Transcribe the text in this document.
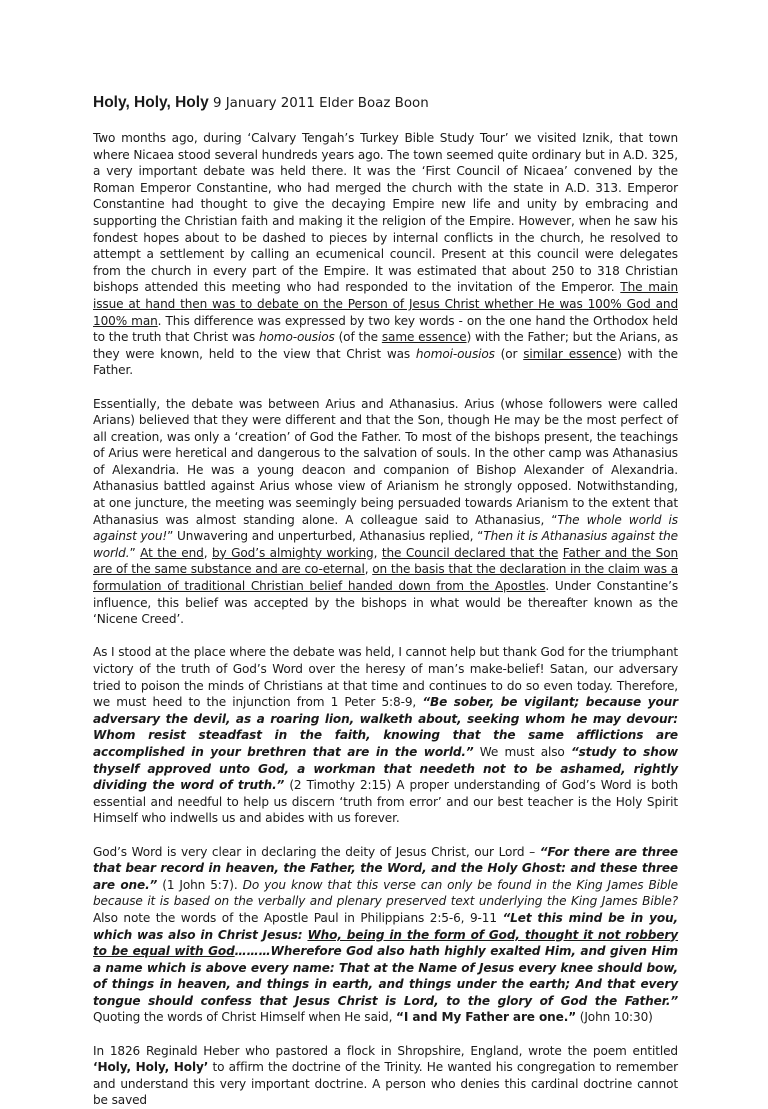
Holy, Holy, Holy 9 January 2011 Elder Boaz Boon

Two months ago, during ‘Calvary Tengah’s Turkey Bible Study Tour’ we visited Iznik, that town where Nicaea stood several hundreds years ago. The town seemed quite ordinary but in A.D. 325, a very important debate was held there. It was the ‘First Council of Nicaea’ convened by the Roman Emperor Constantine, who had merged the church with the state in A.D. 313. Emperor Constantine had thought to give the decaying Empire new life and unity by embracing and supporting the Christian faith and making it the religion of the Empire. However, when he saw his fondest hopes about to be dashed to pieces by internal conflicts in the church, he resolved to attempt a settlement by calling an ecumenical council. Present at this council were delegates from the church in every part of the Empire. It was estimated that about 250 to 318 Christian bishops attended this meeting who had responded to the invitation of the Emperor. The main issue at hand then was to debate on the Person of Jesus Christ whether He was 100% God and 100% man. This difference was expressed by two key words - on the one hand the Orthodox held to the truth that Christ was homo-ousios (of the same essence) with the Father; but the Arians, as they were known, held to the view that Christ was homoi-ousios (or similar essence) with the Father.

Essentially, the debate was between Arius and Athanasius. Arius (whose followers were called Arians) believed that they were different and that the Son, though He may be the most perfect of all creation, was only a ‘creation’ of God the Father. To most of the bishops present, the teachings of Arius were heretical and dangerous to the salvation of souls. In the other camp was Athanasius of Alexandria. He was a young deacon and companion of Bishop Alexander of Alexandria. Athanasius battled against Arius whose view of Arianism he strongly opposed. Notwithstanding, at one juncture, the meeting was seemingly being persuaded towards Arianism to the extent that Athanasius was almost standing alone. A colleague said to Athanasius, “The whole world is against you!” Unwavering and unperturbed, Athanasius replied, “Then it is Athanasius against the world.” At the end, by God’s almighty working, the Council declared that the Father and the Son are of the same substance and are co-eternal, on the basis that the declaration in the claim was a formulation of traditional Christian belief handed down from the Apostles. Under Constantine’s influence, this belief was accepted by the bishops in what would be thereafter known as the ‘Nicene Creed’.

As I stood at the place where the debate was held, I cannot help but thank God for the triumphant victory of the truth of God’s Word over the heresy of man’s make-belief! Satan, our adversary tried to poison the minds of Christians at that time and continues to do so even today. Therefore, we must heed to the injunction from 1 Peter 5:8-9, “Be sober, be vigilant; because your adversary the devil, as a roaring lion, walketh about, seeking whom he may devour: Whom resist steadfast in the faith, knowing that the same afflictions are accomplished in your brethren that are in the world.” We must also “study to show thyself approved unto God, a workman that needeth not to be ashamed, rightly dividing the word of truth.” (2 Timothy 2:15) A proper understanding of God’s Word is both essential and needful to help us discern ‘truth from error’ and our best teacher is the Holy Spirit Himself who indwells us and abides with us forever.

God’s Word is very clear in declaring the deity of Jesus Christ, our Lord – “For there are three that bear record in heaven, the Father, the Word, and the Holy Ghost: and these three are one.” (1 John 5:7). Do you know that this verse can only be found in the King James Bible because it is based on the verbally and plenary preserved text underlying the King James Bible? Also note the words of the Apostle Paul in Philippians 2:5-6, 9-11 “Let this mind be in you, which was also in Christ Jesus: Who, being in the form of God, thought it not robbery to be equal with God………Wherefore God also hath highly exalted Him, and given Him a name which is above every name: That at the Name of Jesus every knee should bow, of things in heaven, and things in earth, and things under the earth; And that every tongue should confess that Jesus Christ is Lord, to the glory of God the Father.” Quoting the words of Christ Himself when He said, “I and My Father are one.” (John 10:30)

In 1826 Reginald Heber who pastored a flock in Shropshire, England, wrote the poem entitled ‘Holy, Holy, Holy’ to affirm the doctrine of the Trinity. He wanted his congregation to remember and understand this very important doctrine. A person who denies this cardinal doctrine cannot be saved
